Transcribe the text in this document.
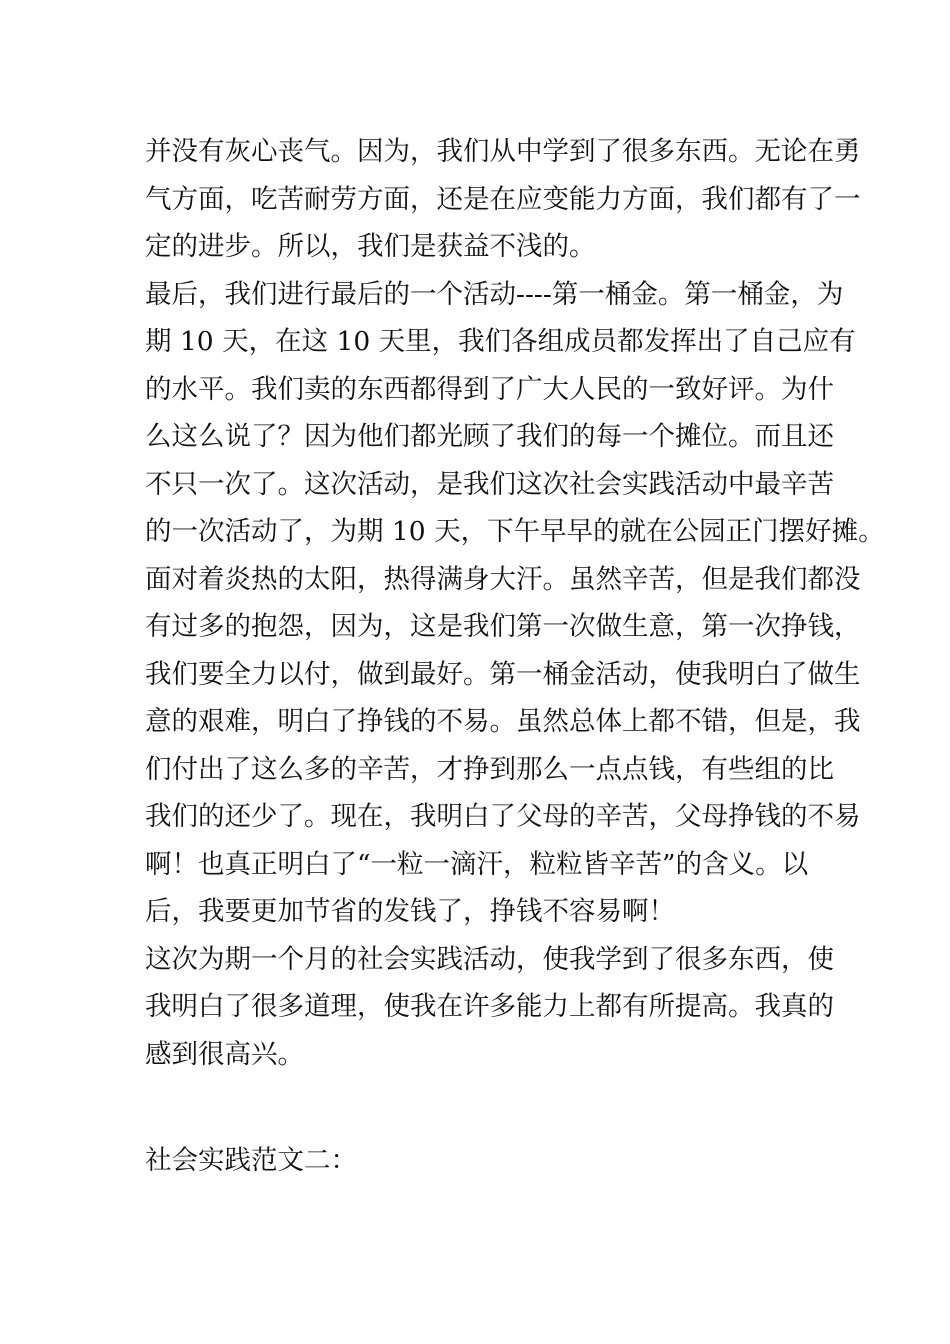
并没有灰心丧气。因为，我们从中学到了很多东西。无论在勇
气方面，吃苦耐劳方面，还是在应变能力方面，我们都有了一
定的进步。所以，我们是获益不浅的。
最后，我们进行最后的一个活动----第一桶金。第一桶金，为
期 10 天，在这 10 天里，我们各组成员都发挥出了自己应有
的水平。我们卖的东西都得到了广大人民的一致好评。为什
么这么说了？因为他们都光顾了我们的每一个摊位。而且还
不只一次了。这次活动，是我们这次社会实践活动中最辛苦
的一次活动了，为期 10 天，下午早早的就在公园正门摆好摊。
面对着炎热的太阳，热得满身大汗。虽然辛苦，但是我们都没
有过多的抱怨，因为，这是我们第一次做生意，第一次挣钱，
我们要全力以付，做到最好。第一桶金活动，使我明白了做生
意的艰难，明白了挣钱的不易。虽然总体上都不错，但是，我
们付出了这么多的辛苦，才挣到那么一点点钱，有些组的比
我们的还少了。现在，我明白了父母的辛苦，父母挣钱的不易
啊！也真正明白了“一粒一滴汗，粒粒皆辛苦”的含义。以
后，我要更加节省的发钱了，挣钱不容易啊！
这次为期一个月的社会实践活动，使我学到了很多东西，使
我明白了很多道理，使我在许多能力上都有所提高。我真的
感到很高兴。
社会实践范文二：
